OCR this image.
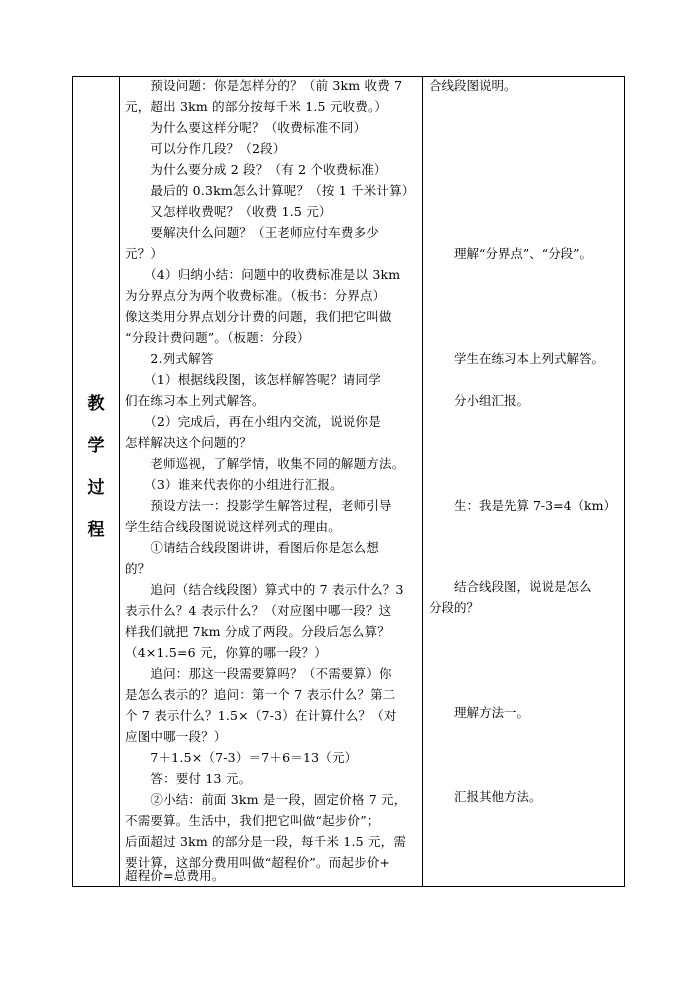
教
学
过
程
　　预设问题：你是怎样分的？（前 3km 收费 7
元，超出 3km 的部分按每千米 1.5 元收费。）
　　为什么要这样分呢？（收费标准不同）
　　可以分作几段？（2段）
　　为什么要分成 2 段？（有 2 个收费标准）
　　最后的 0.3km怎么计算呢？（按 1 千米计算）
　　又怎样收费呢？（收费 1.5 元）
　　要解决什么问题？（王老师应付车费多少
元？）
　　（4）归纳小结：问题中的收费标准是以 3km
为分界点分为两个收费标准。（板书：分界点）
像这类用分界点划分计费的问题，我们把它叫做
“分段计费问题”。（板题：分段）
　　2.列式解答
　　（1）根据线段图，该怎样解答呢？请同学
们在练习本上列式解答。
　　（2）完成后，再在小组内交流，说说你是
怎样解决这个问题的？
　　老师巡视，了解学情，收集不同的解题方法。
　　（3）谁来代表你的小组进行汇报。
　　预设方法一：投影学生解答过程，老师引导
学生结合线段图说说这样列式的理由。
　　①请结合线段图讲讲，看图后你是怎么想
的？
　　追问（结合线段图）算式中的 7 表示什么？3
表示什么？4 表示什么？（对应图中哪一段？这
样我们就把 7km 分成了两段。分段后怎么算？
（4×1.5=6 元，你算的哪一段？）
　　追问：那这一段需要算吗？（不需要算）你
是怎么表示的？追问：第一个 7 表示什么？第二
个 7 表示什么？1.5×（7-3）在计算什么？（对
应图中哪一段？）
　　7＋1.5×（7-3）＝7＋6＝13（元）
　　答：要付 13 元。
　　②小结：前面 3km 是一段，固定价格 7 元，
不需要算。生活中，我们把它叫做“起步价”；
后面超过 3km 的部分是一段，每千米 1.5 元，需
要计算，这部分费用叫做“超程价”。而起步价+
超程价=总费用。
合线段图说明。
　　理解“分界点”、“分段”。
　　学生在练习本上列式解答。
　　分小组汇报。
　　生：我是先算 7-3=4（km）
　　结合线段图，说说是怎么
分段的？
　　理解方法一。
　　汇报其他方法。
